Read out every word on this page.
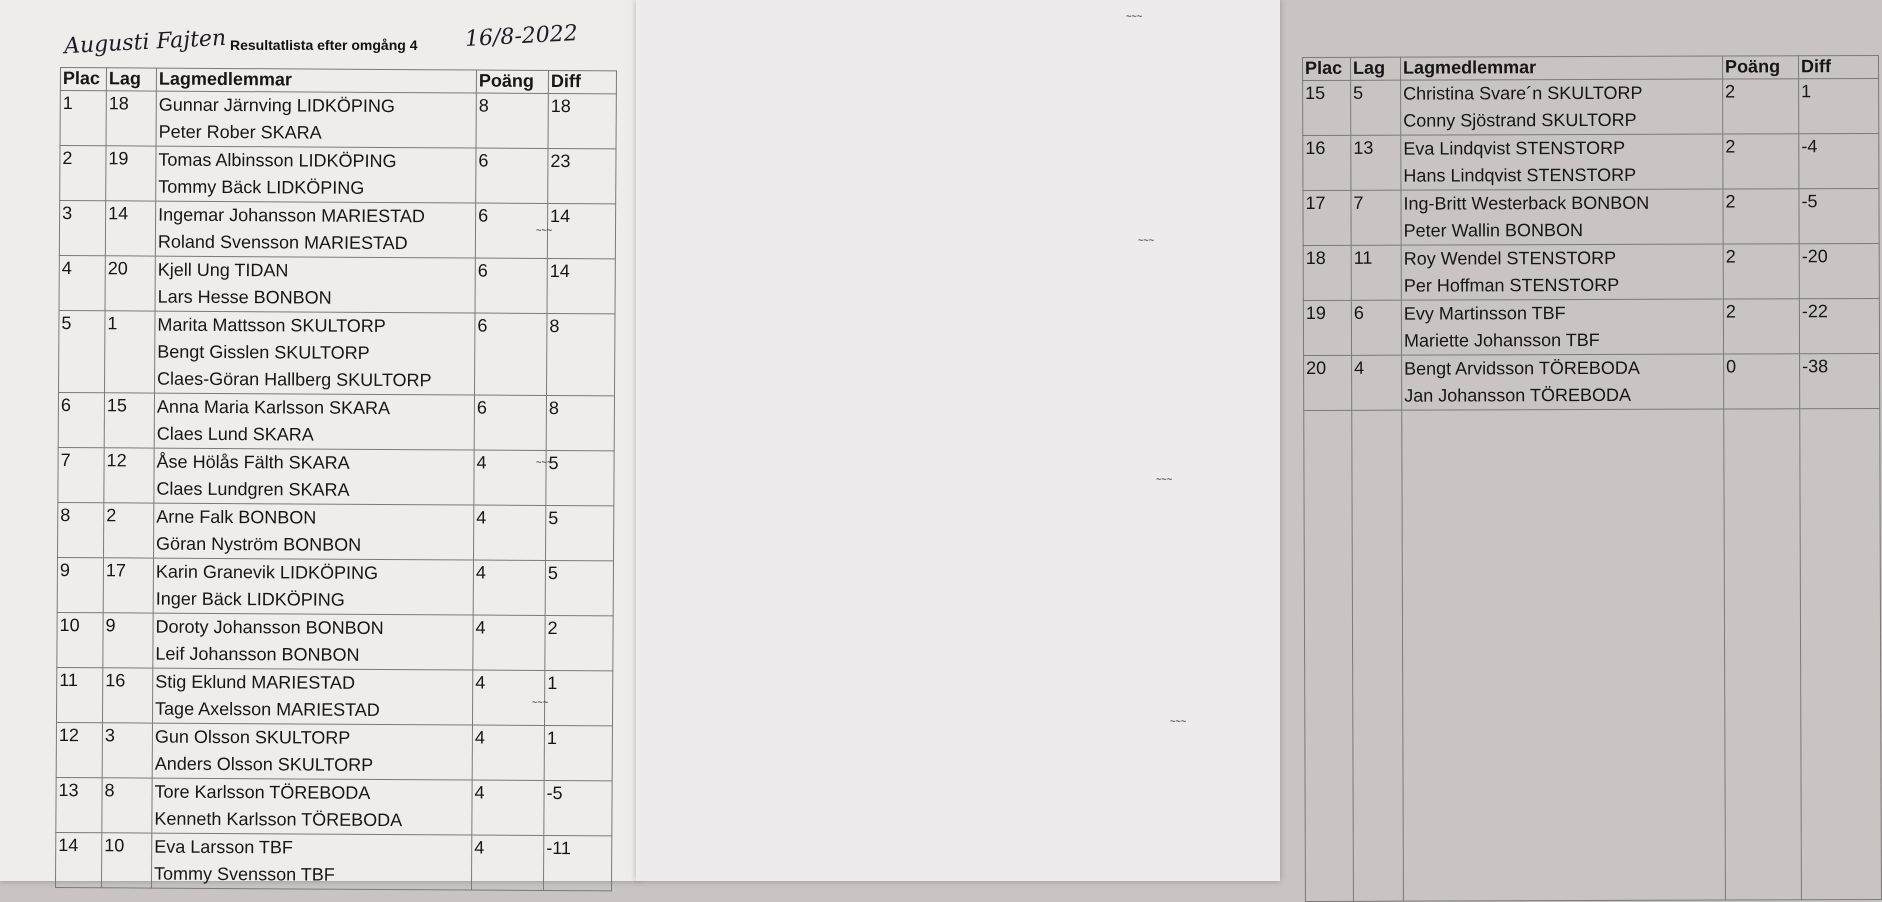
Augusti Fajten Resultatlista efter omgång 4 16/8-2022
Plac	Lag	Lagmedlemmar	Poäng	Diff
1	18	Gunnar Järnving LIDKÖPING
Peter Rober SKARA	8	18
2	19	Tomas Albinsson LIDKÖPING
Tommy Bäck LIDKÖPING	6	23
3	14	Ingemar Johansson MARIESTAD
Roland Svensson MARIESTAD	6	14
4	20	Kjell Ung TIDAN
Lars Hesse BONBON	6	14
5	1	Marita Mattsson SKULTORP
Bengt Gisslen SKULTORP
Claes-Göran Hallberg SKULTORP	6	8
6	15	Anna Maria Karlsson SKARA
Claes Lund SKARA	6	8
7	12	Åse Hölås Fälth SKARA
Claes Lundgren SKARA	4	5
8	2	Arne Falk BONBON
Göran Nyström BONBON	4	5
9	17	Karin Granevik LIDKÖPING
Inger Bäck LIDKÖPING	4	5
10	9	Doroty Johansson BONBON
Leif Johansson BONBON	4	2
11	16	Stig Eklund MARIESTAD
Tage Axelsson MARIESTAD	4	1
12	3	Gun Olsson SKULTORP
Anders Olsson SKULTORP	4	1
13	8	Tore Karlsson TÖREBODA
Kenneth Karlsson TÖREBODA	4	-5
14	10	Eva Larsson TBF
Tommy Svensson TBF	4	-11
~~~
~~~
~~~
Plac	Lag	Lagmedlemmar	Poäng	Diff
15	5	Christina Svare´n SKULTORP
Conny Sjöstrand SKULTORP	2	1
16	13	Eva Lindqvist STENSTORP
Hans Lindqvist STENSTORP	2	-4
17	7	Ing-Britt Westerback BONBON
Peter Wallin BONBON	2	-5
18	11	Roy Wendel STENSTORP
Per Hoffman STENSTORP	2	-20
19	6	Evy Martinsson TBF
Mariette Johansson TBF	2	-22
20	4	Bengt Arvidsson TÖREBODA
Jan Johansson TÖREBODA	0	-38

~~~
~~~
~~~
~~~
